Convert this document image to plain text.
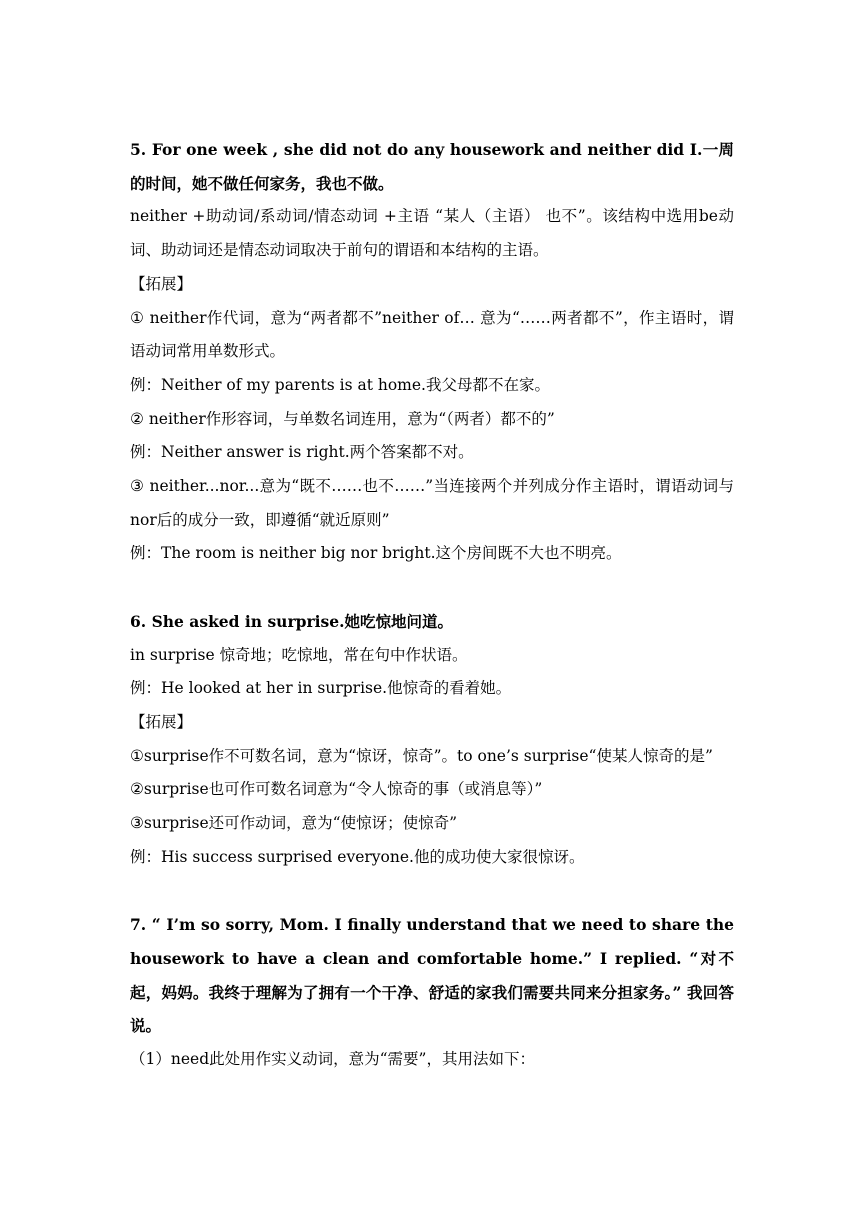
5. For one week , she did not do any housework and neither did I.一周的时间，她不做任何家务，我也不做。
neither +助动词/系动词/情态动词 +主语 “某人（主语） 也不”。该结构中选用be动词、助动词还是情态动词取决于前句的谓语和本结构的主语。
【拓展】
① neither作代词，意为“两者都不”neither of… 意为“……两者都不”，作主语时，谓语动词常用单数形式。
例：Neither of my parents is at home.我父母都不在家。
② neither作形容词，与单数名词连用，意为“（两者）都不的”
例：Neither answer is right.两个答案都不对。
③ neither...nor...意为“既不……也不……”当连接两个并列成分作主语时，谓语动词与nor后的成分一致，即遵循“就近原则”
例：The room is neither big nor bright.这个房间既不大也不明亮。
6. She asked in surprise.她吃惊地问道。
in surprise 惊奇地；吃惊地，常在句中作状语。
例：He looked at her in surprise.他惊奇的看着她。
【拓展】
①surprise作不可数名词，意为“惊讶，惊奇”。to one’s surprise“使某人惊奇的是”
②surprise也可作可数名词意为“令人惊奇的事（或消息等）”
③surprise还可作动词，意为“使惊讶；使惊奇”
例：His success surprised everyone.他的成功使大家很惊讶。
7. “ I’m so sorry, Mom. I finally understand that we need to share the housework to have a clean and comfortable home.” I replied. “对不起，妈妈。我终于理解为了拥有一个干净、舒适的家我们需要共同来分担家务。” 我回答说。
（1）need此处用作实义动词，意为“需要”，其用法如下：
